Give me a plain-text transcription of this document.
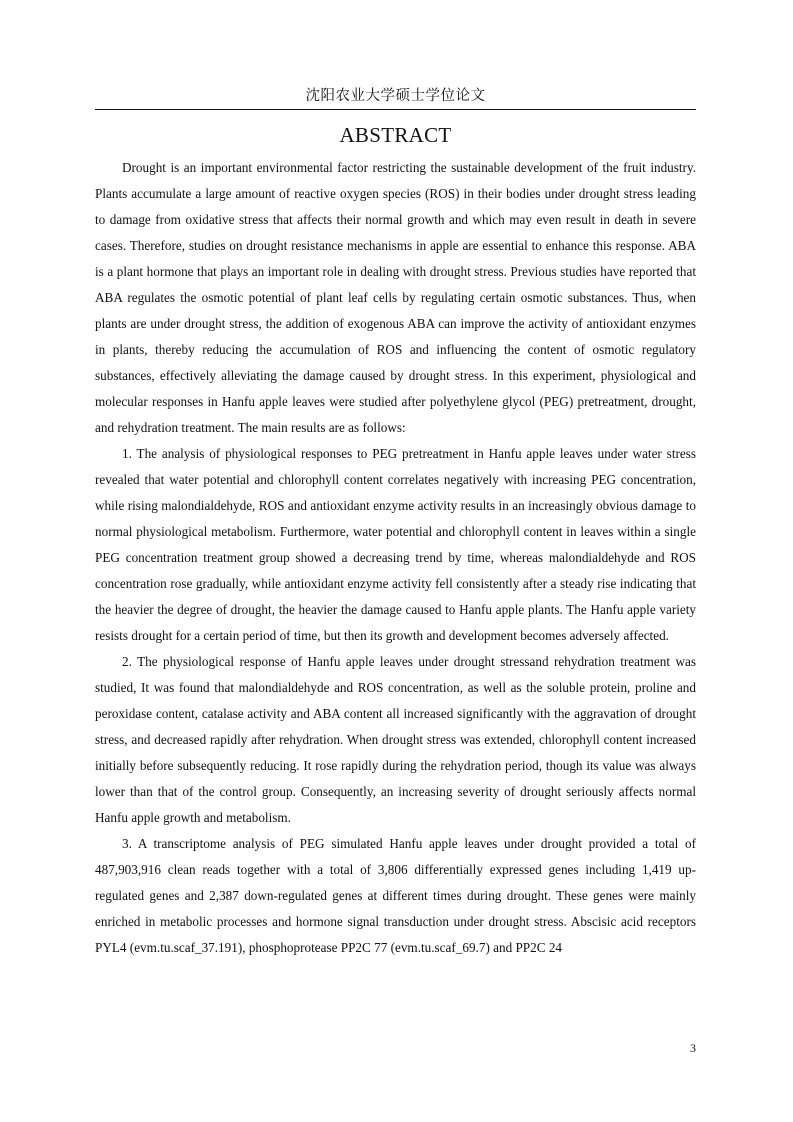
沈阳农业大学硕士学位论文
ABSTRACT

Drought is an important environmental factor restricting the sustainable development of the fruit industry. Plants accumulate a large amount of reactive oxygen species (ROS) in their bodies under drought stress leading to damage from oxidative stress that affects their normal growth and which may even result in death in severe cases. Therefore, studies on drought resistance mechanisms in apple are essential to enhance this response. ABA is a plant hormone that plays an important role in dealing with drought stress. Previous studies have reported that ABA regulates the osmotic potential of plant leaf cells by regulating certain osmotic substances. Thus, when plants are under drought stress, the addition of exogenous ABA can improve the activity of antioxidant enzymes in plants, thereby reducing the accumulation of ROS and influencing the content of osmotic regulatory substances, effectively alleviating the damage caused by drought stress. In this experiment, physiological and molecular responses in Hanfu apple leaves were studied after polyethylene glycol (PEG) pretreatment, drought, and rehydration treatment. The main results are as follows:

1. The analysis of physiological responses to PEG pretreatment in Hanfu apple leaves under water stress revealed that water potential and chlorophyll content correlates negatively with increasing PEG concentration, while rising malondialdehyde, ROS and antioxidant enzyme activity results in an increasingly obvious damage to normal physiological metabolism. Furthermore, water potential and chlorophyll content in leaves within a single PEG concentration treatment group showed a decreasing trend by time, whereas malondialdehyde and ROS concentration rose gradually, while antioxidant enzyme activity fell consistently after a steady rise indicating that the heavier the degree of drought, the heavier the damage caused to Hanfu apple plants. The Hanfu apple variety resists drought for a certain period of time, but then its growth and development becomes adversely affected.

2. The physiological response of Hanfu apple leaves under drought stressand rehydration treatment was studied, It was found that malondialdehyde and ROS concentration, as well as the soluble protein, proline and peroxidase content, catalase activity and ABA content all increased significantly with the aggravation of drought stress, and decreased rapidly after rehydration. When drought stress was extended, chlorophyll content increased initially before subsequently reducing. It rose rapidly during the rehydration period, though its value was always lower than that of the control group. Consequently, an increasing severity of drought seriously affects normal Hanfu apple growth and metabolism.

3. A transcriptome analysis of PEG simulated Hanfu apple leaves under drought provided a total of 487,903,916 clean reads together with a total of 3,806 differentially expressed genes including 1,419 up-regulated genes and 2,387 down-regulated genes at different times during drought. These genes were mainly enriched in metabolic processes and hormone signal transduction under drought stress. Abscisic acid receptors PYL4 (evm.tu.scaf_37.191), phosphoprotease PP2C 77 (evm.tu.scaf_69.7) and PP2C 24

3
